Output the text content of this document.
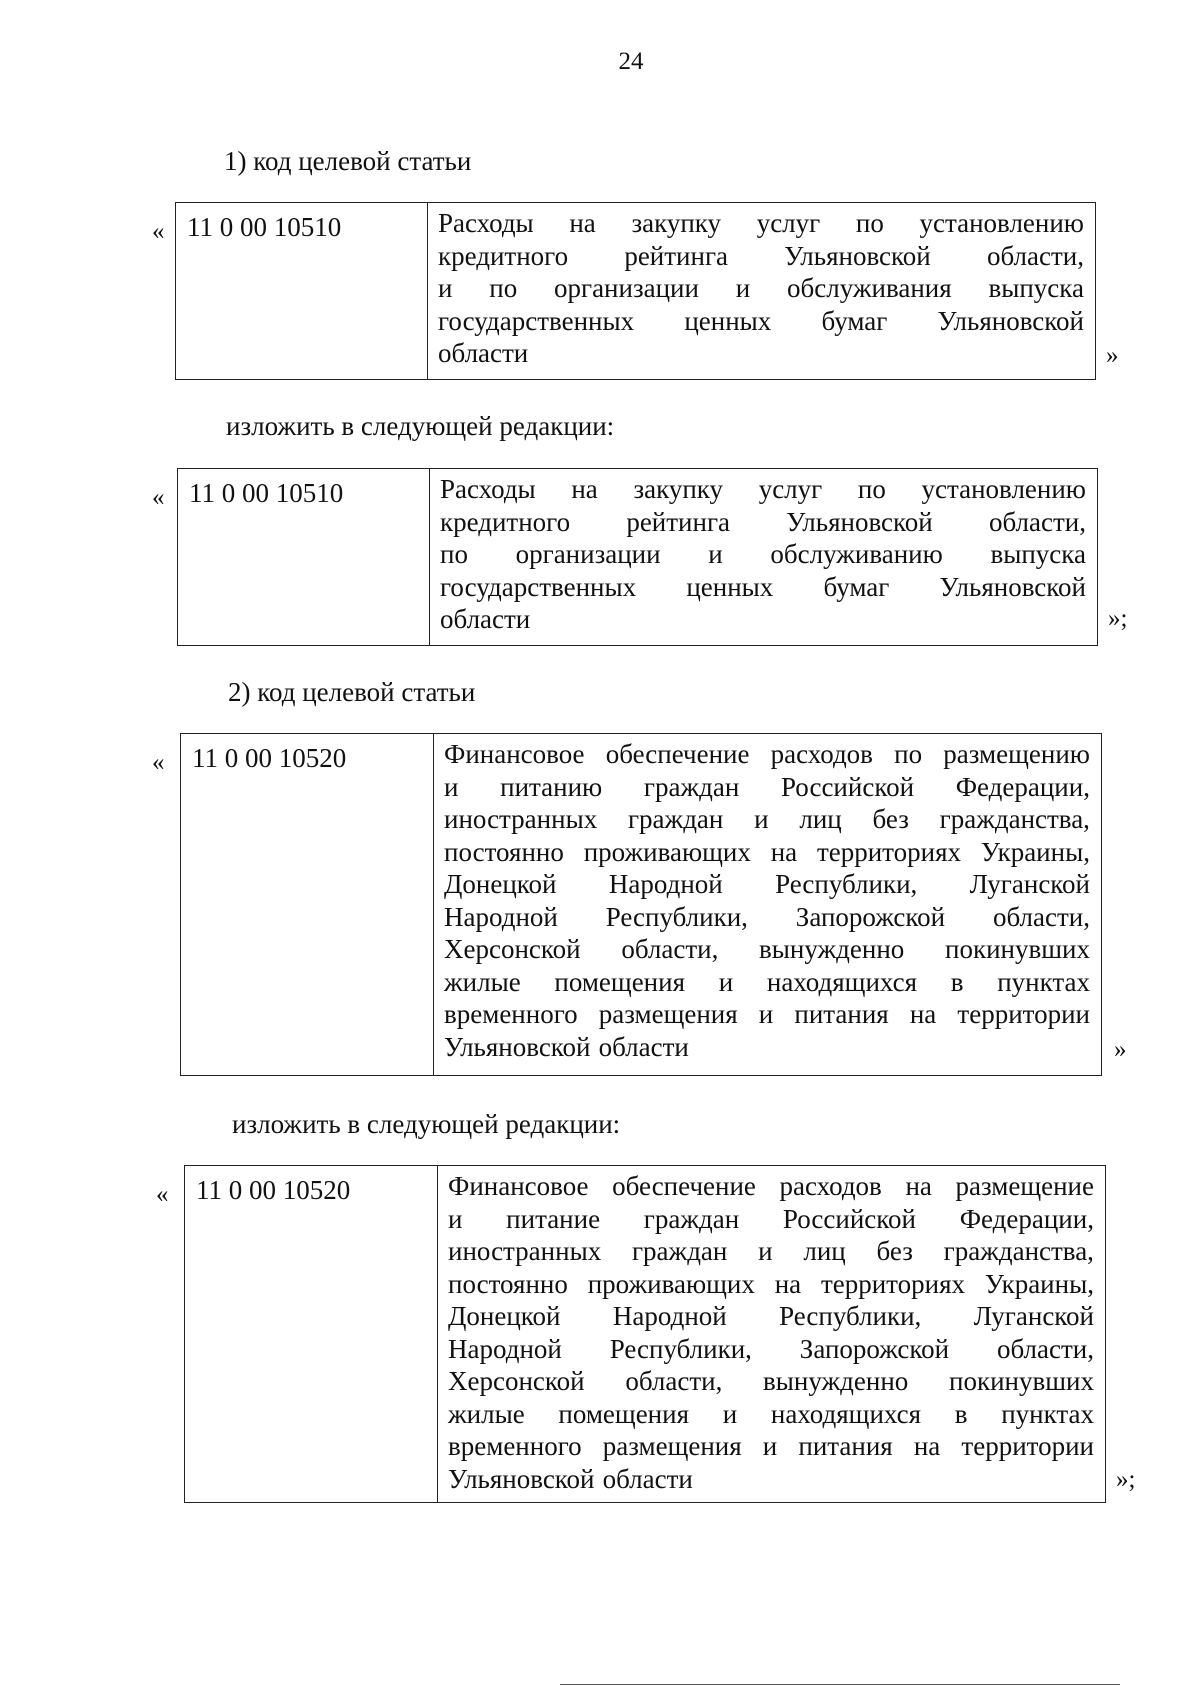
24
1) код целевой статьи
« 11 0 00 10510	Расходы на закупку услуг по установлению
кредитного рейтинга Ульяновской области,
и по организации и обслуживания выпуска
государственных ценных бумаг Ульяновской
области	»
изложить в следующей редакции:
« 11 0 00 10510	Расходы на закупку услуг по установлению
кредитного рейтинга Ульяновской области,
по организации и обслуживанию выпуска
государственных ценных бумаг Ульяновской
области	»;
2) код целевой статьи
«	11 0 00 10520	Финансовое обеспечение расходов по размещению
и питанию граждан Российской Федерации,
иностранных граждан и лиц без гражданства,
постоянно проживающих на территориях Украины,
Донецкой Народной Республики, Луганской
Народной Республики, Запорожской области,
Херсонской области, вынужденно покинувших
жилые помещения и находящихся в пунктах
временного размещения и питания на территории
Ульяновской области	»
изложить в следующей редакции:
«	11 0 00 10520	Финансовое обеспечение расходов на размещение
и питание граждан Российской Федерации,
иностранных граждан и лиц без гражданства,
постоянно проживающих на территориях Украины,
Донецкой Народной Республики, Луганской
Народной Республики, Запорожской области,
Херсонской области, вынужденно покинувших
жилые помещения и находящихся в пунктах
временного размещения и питания на территории
Ульяновской области	»;
